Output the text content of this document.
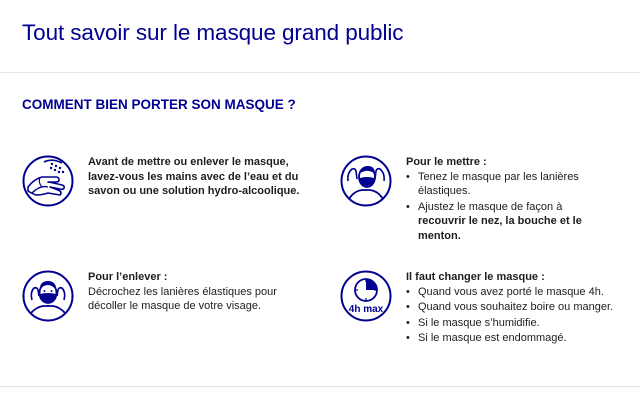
Tout savoir sur le masque grand public
COMMENT BIEN PORTER SON MASQUE ?

Avant de mettre ou enlever le masque, lavez-vous les mains avec de l’eau et du savon ou une solution hydro-alcoolique.

Pour le mettre :

• Tenez le masque par les lanières élastiques.
• Ajustez le masque de façon à recouvrir le nez, la bouche et le menton.

Pour l’enlever :

Décrochez les lanières élastiques pour décoller le masque de votre visage.	4h max

Il faut changer le masque :

• Quand vous avez porté le masque 4h.
• Quand vous souhaitez boire ou manger.
• Si le masque s’humidifie.
• Si le masque est endommagé.
